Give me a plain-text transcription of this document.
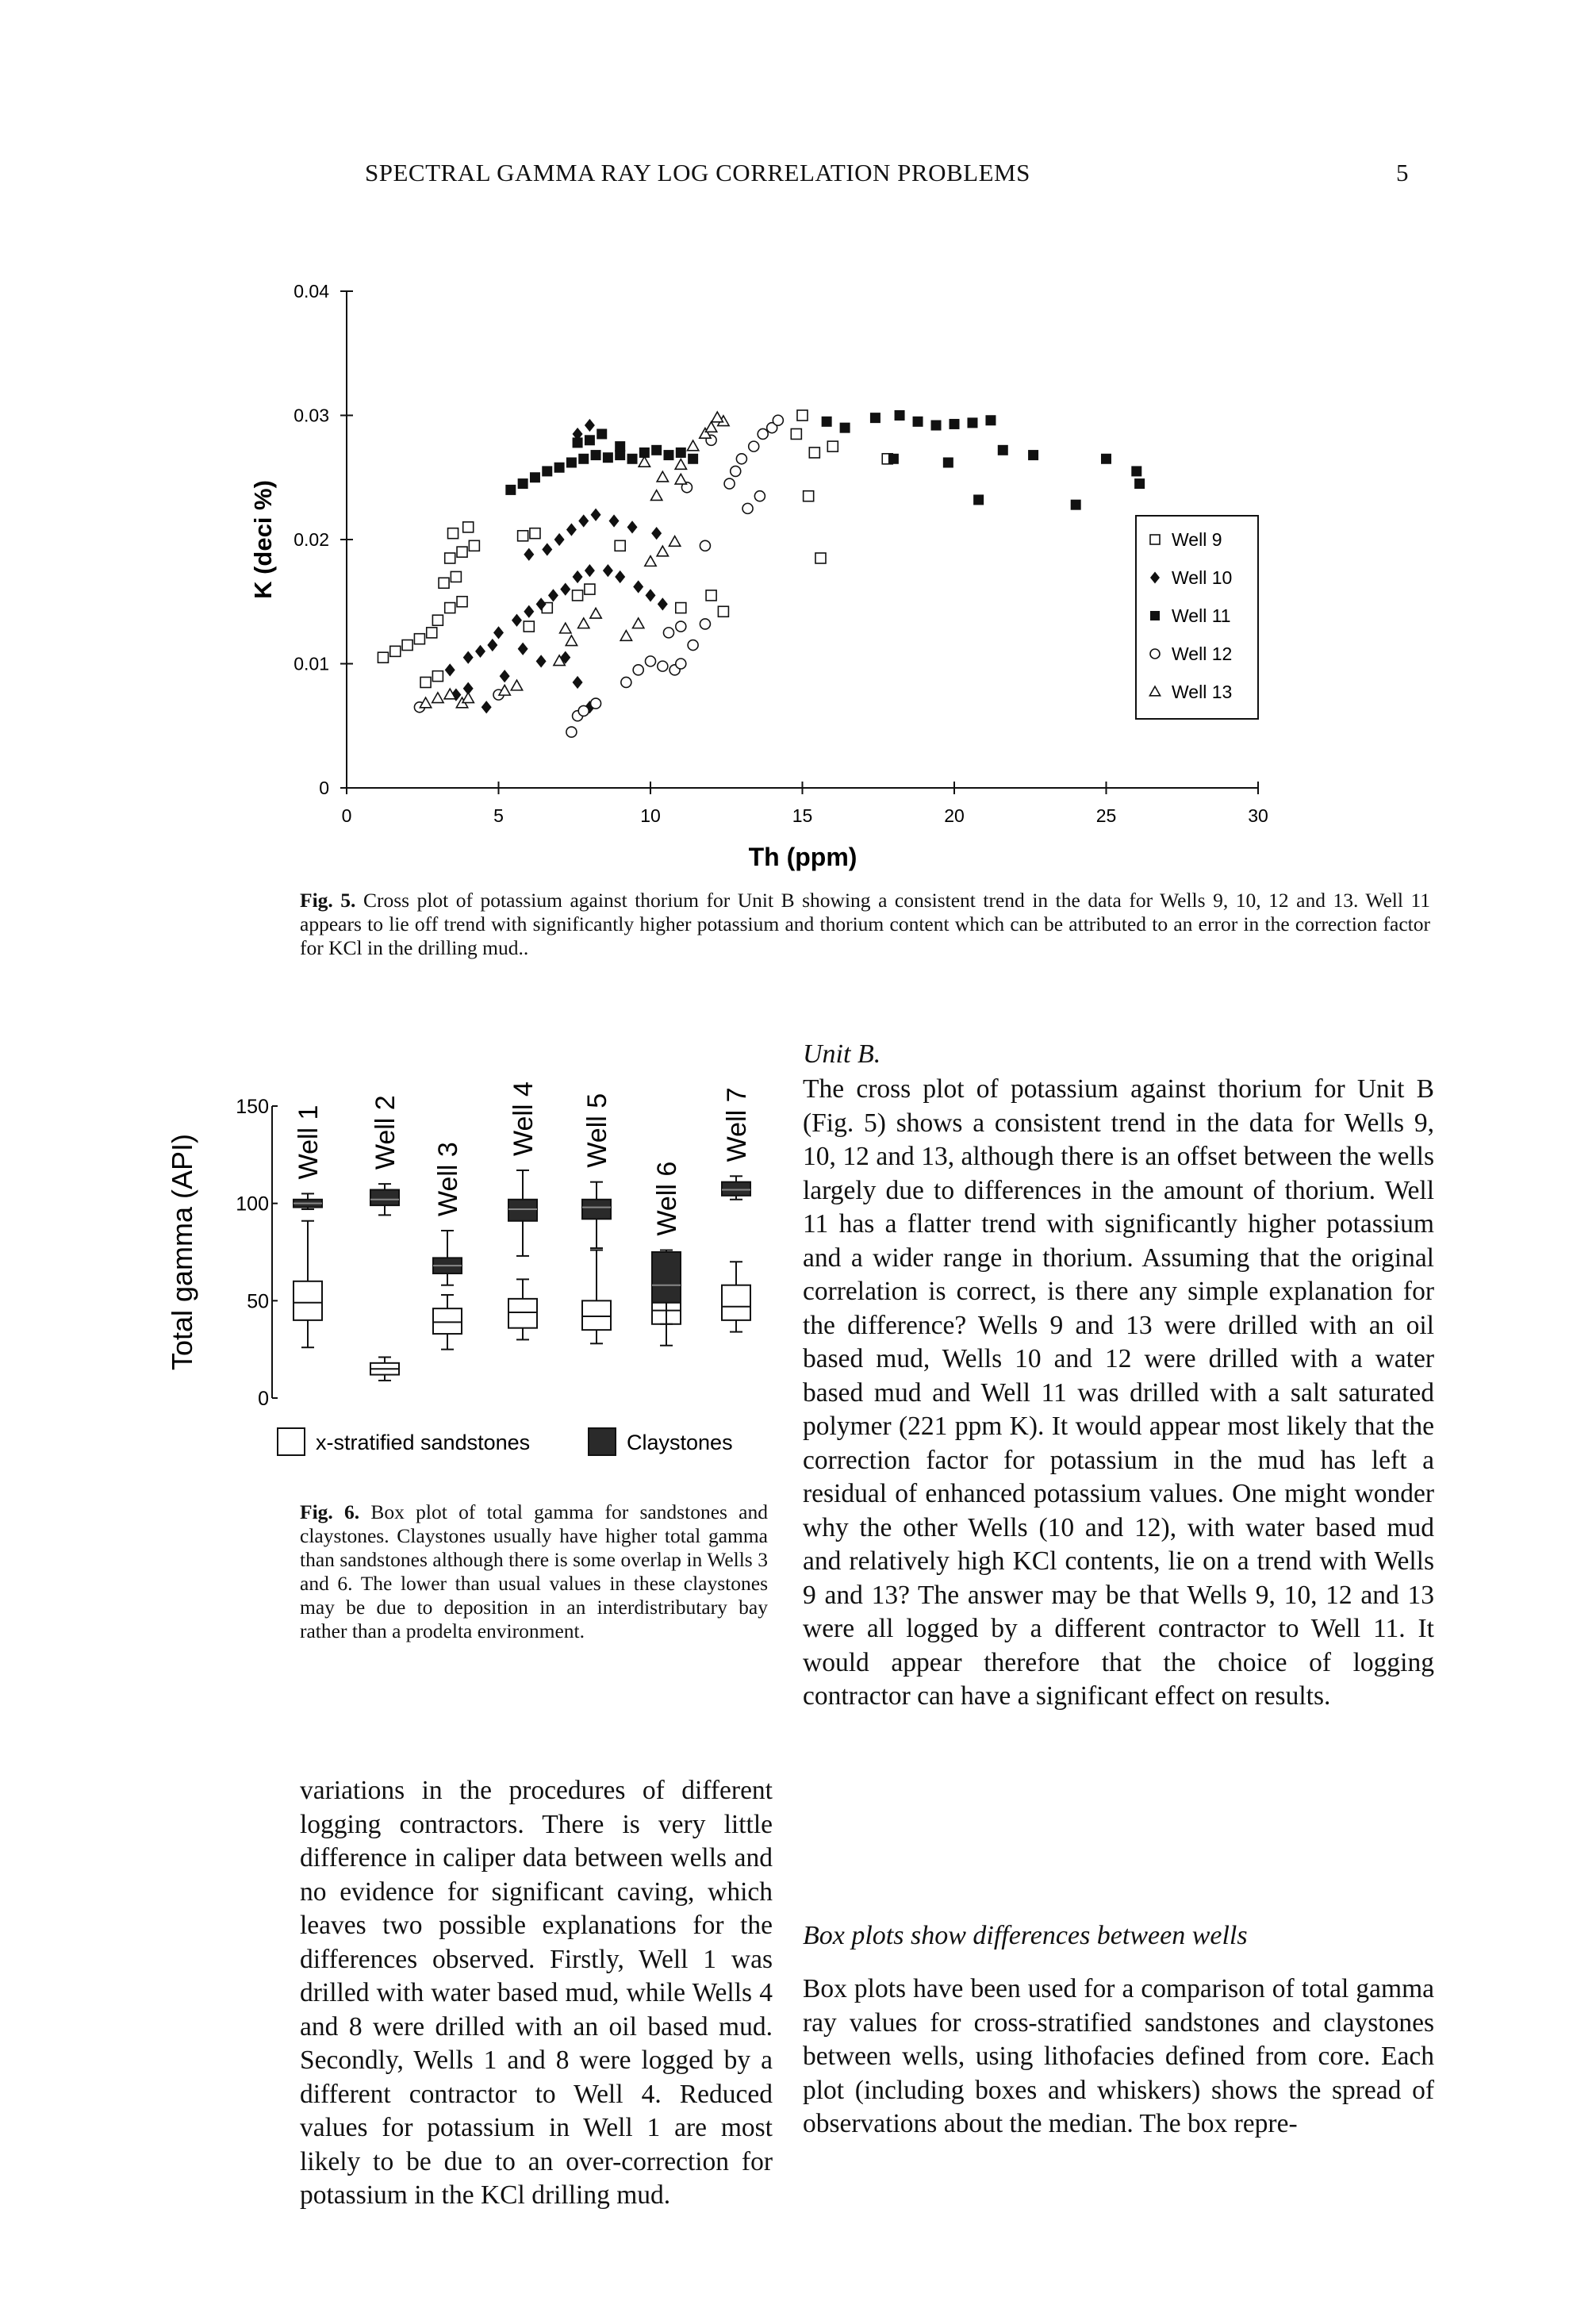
SPECTRAL GAMMA RAY LOG CORRELATION PROBLEMS	5
0
0.01
0.02
0.03
0.04
0	5	10	15	20	25	30
Th (ppm)
K (deci %)	Well 9
Well 10
Well 11
Well 12
Well 13
Fig. 5. Cross plot of potassium against thorium for Unit B showing a consistent trend in the data for Wells 9, 10, 12 and 13. Well 11 appears to lie off trend with significantly higher potassium and thorium content which can be attributed to an error in the correction factor for KCl in the drilling mud..
0
50
100
150
Total gamma (API)	Well 1 Well 2
Well 3
Well 4 Well 5
Well 6
Well 7
x-stratified sandstones	Claystones
Fig. 6. Box plot of total gamma for sandstones and claystones. Claystones usually have higher total gamma than sandstones although there is some overlap in Wells 3 and 6. The lower than usual values in these claystones may be due to deposition in an interdistributary bay rather than a prodelta environment.
variations in the procedures of different logging contractors. There is very little difference in caliper data between wells and no evidence for significant caving, which leaves two possible explanations for the differences observed. Firstly, Well 1 was drilled with water based mud, while Wells 4 and 8 were drilled with an oil based mud. Secondly, Wells 1 and 8 were logged by a different contractor to Well 4. Reduced values for potassium in Well 1 are most likely to be due to an over-correction for potassium in the KCl drilling mud.
Unit B.
The cross plot of potassium against thorium for Unit B (Fig. 5) shows a consistent trend in the data for Wells 9, 10, 12 and 13, although there is an offset between the wells largely due to differences in the amount of thorium. Well 11 has a flatter trend with significantly higher potassium and a wider range in thorium. Assuming that the original correlation is correct, is there any simple explanation for the difference? Wells 9 and 13 were drilled with an oil based mud, Wells 10 and 12 were drilled with a water based mud and Well 11 was drilled with a salt saturated polymer (221 ppm K). It would appear most likely that the correction factor for potassium in the mud has left a residual of enhanced potassium values. One might wonder why the other Wells (10 and 12), with water based mud and relatively high KCl contents, lie on a trend with Wells 9 and 13? The answer may be that Wells 9, 10, 12 and 13 were all logged by a different contractor to Well 11. It would appear therefore that the choice of logging contractor can have a significant effect on results.
Box plots show differences between wells
Box plots have been used for a comparison of total gamma ray values for cross-stratified sandstones and claystones between wells, using lithofacies defined from core. Each plot (including boxes and whiskers) shows the spread of observations about the median. The box repre-
